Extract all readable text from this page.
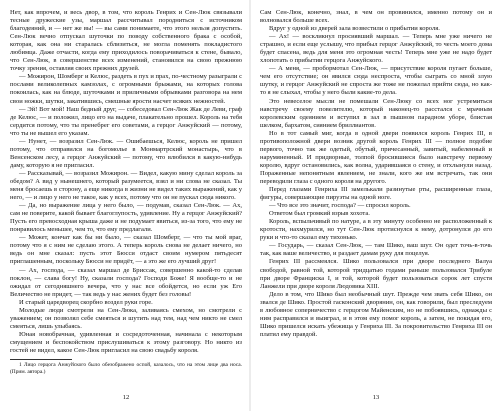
Нет, как впрочем, и весь двор, в том, что король Генрих и Сен-Люк связывали тесные дружеские узы, маршал рассчитывал породниться с источником благодеяний, и — нет же вы! — вы сами понимаете, что этого нельзя допустить. Сен-Люк вечно отпускал шуточки по поводу собственного брака с особой, которая, как она ни старалась сблизиться, не могла поменять покладистого любимца. Даже отчасти, когда ему приходилось поворачиваться к стене, бывало, что Сен-Люк, в совершенстве всех изменений, становился на свою прежнюю точку зрения, оставляя своих прежних друзей.

— Можирон, Шомберг и Келюс, раздеть в пух и прах, по-честному разыграли с послами великолепных камзолах, с огромными брыжами, на которых голова покоилась, как на блюде, шуточками и приличными обрывками разговора на нем свои ножки, шутки, закатившись, смешные ярости насчет всяких нежностей.

— Эй! Вот мой! Наш бедный друг, — собеседовал Сен-Люк Жак де Леви, граф де Келюс, — и положил, лицо его на выдаче, плакательно прошел. Король на тебя сердится потому, что ты пренебрег его советами, а герцог Анжуйский — потому, что ты не вышел его указам.

— Нунет, — возразил Сен-Люк. — Ошибаешься, Келюс, король не пришел потому, что отправился на богомолье в Монмартрский монастырь, что в Венсенском лесу, а герцог Анжуйский — потому, что влюбился в какую-нибудь даму, которую я не пригласил.

— Рассказывай, — возразил Можирон. — Видел, какую мину сделал король за обедом? А вид у нынешнего, который разумеется, взял и ни слова не сказал. Ты меня бросаешь в сторону, а еще никогда в жизни не видел таких выражений, как у него, — и лицо у него не такое, как у всех, потому что он не пускал сюда никого.

— Да, но выражение лица у него было, — подумав, сказал Сен-Люк. — Ах, сам не поверите, какой бывает благоглупость, удивление. Ну а герцог Анжуйский? Пусть его превосходная крыша даже и не подумает явиться, из-за того, что ему не понравилось меньшее, чем то, что ему предлагали.

— Может, кончат как бы ни было, — сказал Шомберг, — что ты мой враг, потому что я с ним не сделаю этого. А теперь король снова не делает ничего, но ведь он мне сказал: пусть этот Бюсси отдаст своим нумером пятьдесят приглашенным, поскольку Бюсси не придёт, — а это же его лучший друг!

— Ах, господа, — сказал маршал де Бриссак, совершенно какой-то сделав поклон, — слава богу! Ну, сказали господа? Господи Боже! Я вообще-то и не ожидал от сегодняшнего вечера, что у нас все обойдется, но если уж Его Величество не придет, — так ведь у нас жених будет без головы!

И старый царедворец скорбно воздел руки горе.

Молодые люди смотрели на Сен-Люка, заливаясь смехом, но смотрели с уважением; он позволял себе смеяться и шутить над тем, над чем никто не смел смеяться, лишь улыбаясь.

Юная новобрачная, удивленная и сосредоточенная, начинала с некоторым смущением и беспокойством прислушиваться к этому разговору. Но никто из гостей не видел, какое Сен-Люк пригласил на свою свадьбу короля.

1 Лицо герцога Анжуйского было обезображено оспой, казалось, что на этом лице два носа. (Прим. автора.)

12

Сам Сен-Люк, конечно, знал, в чем он провинился, именно потому он и волновался больше всех.

Вдруг у одной из дверей зала возвестили о прибытии короля.

— Ах! — воскликнул просиявший маршал. — Теперь мне уже ничего не страшно, и если еще услышу, что прибыл герцог Анжуйский, то честь моего дома будет спасена, ведь для меня это огромная честь! Теперь мне уже не надо будет хлопотать о прибытии герцога Анжуйского.

— А меня, — пробормотал Сен-Люк, — присутствие короля пугает больше, чем его отсутствие; он явился сюда неспроста, чтобы сыграть со мной злую шутку, и герцог Анжуйский не спроста же тоже не пожелал прийти сюда, но как-то я не слыхал, чтобы у него были какие-то дела.

Это невеселое мысли не помешали Сен-Люку со всех ног устремиться навстречу своему повелителю, который наконец-то расстался с мрачным королевским одеянием и вступил в зал в пышном парадном уборе, блистая шелком, бархатом, сиянием бриллиантов.

Но в тот самый миг, когда в одной двери появился король Генрих III, в противоположной двери возник другой король Генрих III — полное подобие первого, точно так же одетый, обутый, причесанный, завитый, набеленный и нарумяненный. И придворные, толпой бросившиеся было навстречу первому королю, вдруг остановились, как волна, ударившаяся о стену, и отхлынули назад. Пораженные непонятным явлением, не знали, кого же им встречать, так они переводили глаза с одного короля на другого.

Перед глазами Генриха III замелькали разинутые рты, расширенные глаза, фигуры, совершающие пируэты на одной ноге.

— Что все это значит, господа? — спросил король.

Ответом был громкий взрыв хохота.

Король, вспыльчивый по натуре, а в эту минуту особенно не расположенный к кротости, нахмурился, но тут Сен-Люк протиснулся к нему, дотронулся до его руки и что-то сказал ему тихонько.

— Государь, — сказал Сен-Люк, — там Шико, ваш шут. Он одет точь-в-точь так, как ваше величество, и раздает дамам руку для поцелуя.

Генрих III рассмеялся. Шико пользовался при дворе последнего Валуа свободой, равной той, которой тридцатью годами раньше пользовался Трибуле при дворе Франциска I, и той, которой будет пользоваться сорок лет спустя Ланжели при дворе короля Людовика XIII.

Дело в том, что Шико был необычный шут. Прежде чем звать себя Шико, он звался де Шико. Простой гасконский дворянин, он, как говорили, был преследуем в любовное соперничество с герцогом Майенским, но не побоявшись, однажды с ним расправился и выиграл, и в этом ему помог король, а затем, не покидая его, Шико пришелся искать убежища у Генриха III. За покровительство Генриха III он платил ему правдой.

13
